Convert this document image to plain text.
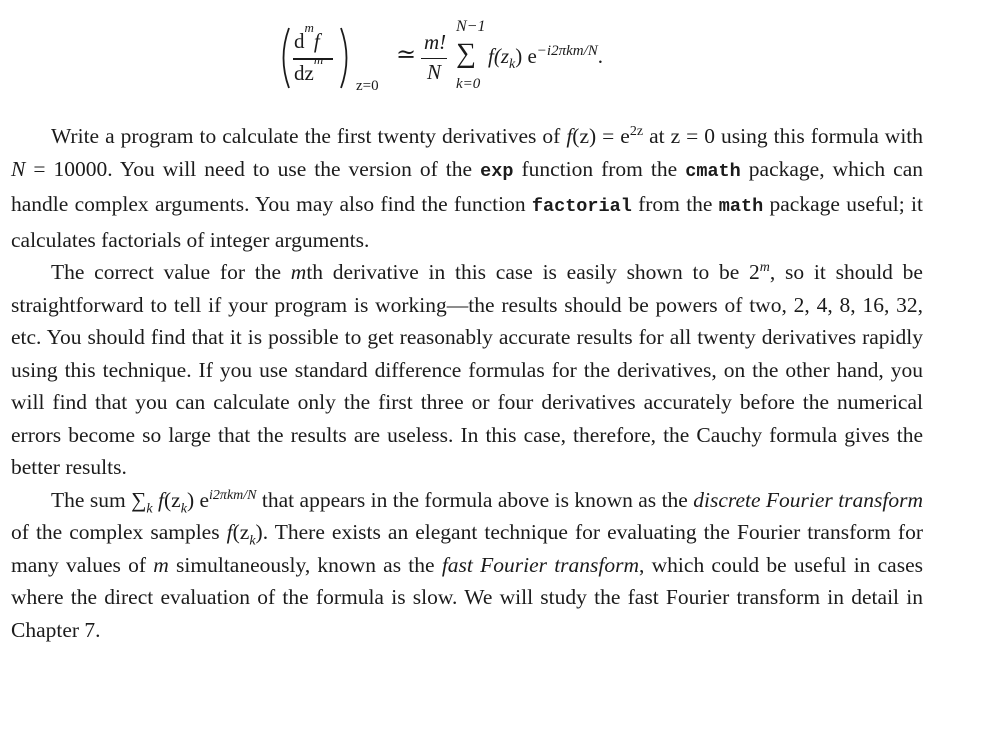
$d^mf$
$dz^m$
z=0
≃ m!
N
N−1
∑
k=0
$f(z_k)$ $e^{-i2\pi km/N}$.

Write a program to calculate the first twenty derivatives of $f(z) = e^{2z}$ at z = 0 using this formula with N = 10000. You will need to use the version of the exp function from the cmath package, which can handle complex arguments. You may also find the function factorial from the math package useful; it calculates factorials of integer arguments.

The correct value for the mth derivative in this case is easily shown to be 2$^m$, so it should be straightforward to tell if your program is working—the results should be powers of two, 2, 4, 8, 16, 32, etc. You should find that it is possible to get reasonably accurate results for all twenty derivatives rapidly using this technique. If you use standard difference formulas for the derivatives, on the other hand, you will find that you can calculate only the first three or four derivatives accurately before the numerical errors become so large that the results are useless. In this case, therefore, the Cauchy formula gives the better results.

The sum $\sum_k$ $f(z_k)$ $e^{i2\pi km/N}$ that appears in the formula above is known as the discrete Fourier transform of the complex samples $f(z_k)$. There exists an elegant technique for evaluating the Fourier transform for many values of m simultaneously, known as the fast Fourier transform, which could be useful in cases where the direct evaluation of the formula is slow. We will study the fast Fourier transform in detail in Chapter 7.
